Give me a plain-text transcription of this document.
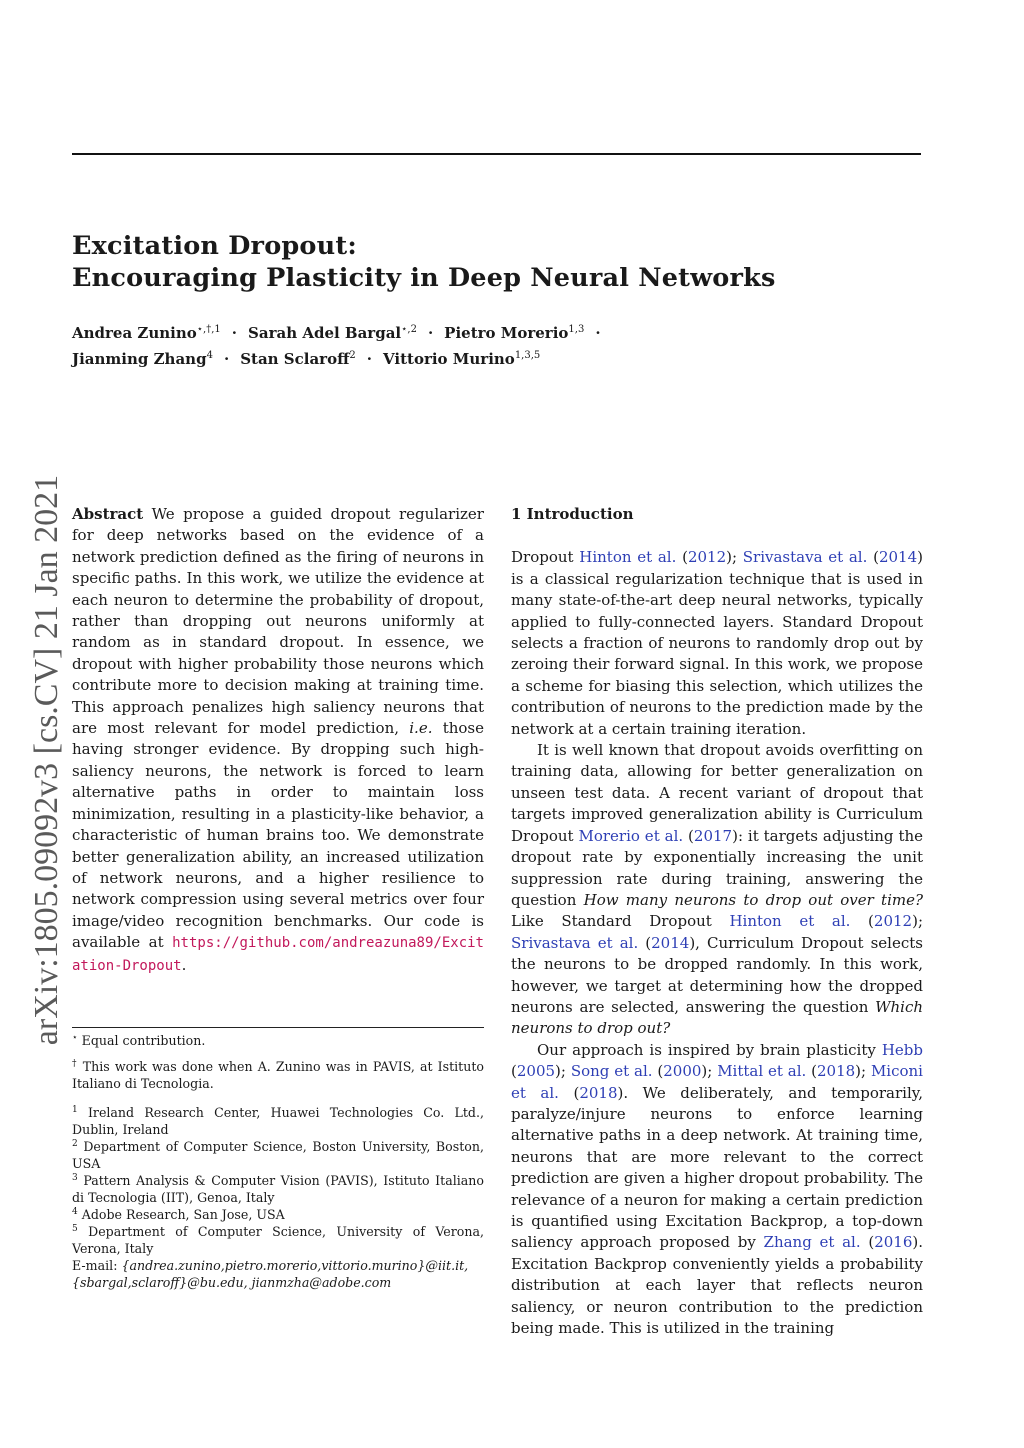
arXiv:1805.09092v3 [cs.CV] 21 Jan 2021
Excitation Dropout:
Encouraging Plasticity in Deep Neural Networks
Andrea Zunino$^{⋆,\dagger,1}$ · Sarah Adel Bargal$^{⋆,2}$ · Pietro Morerio$^{1,3}$ ·
Jianming Zhang$^4$ · Stan Sclaroff$^2$ · Vittorio Murino$^{1,3,5}$

Abstract We propose a guided dropout regularizer for deep networks based on the evidence of a network prediction defined as the firing of neurons in specific paths. In this work, we utilize the evidence at each neuron to determine the probability of dropout, rather than dropping out neurons uniformly at random as in standard dropout. In essence, we dropout with higher probability those neurons which contribute more to decision making at training time. This approach penalizes high saliency neurons that are most relevant for model prediction, i.e. those having stronger evidence. By dropping such high-saliency neurons, the network is forced to learn alternative paths in order to maintain loss minimization, resulting in a plasticity-like behavior, a characteristic of human brains too. We demonstrate better generalization ability, an increased utilization of network neurons, and a higher resilience to network compression using several metrics over four image/video recognition benchmarks. Our code is available at https://github.com/andreazuna89/Excitation-Dropout.

⋆ Equal contribution.
† This work was done when A. Zunino was in PAVIS, at Istituto Italiano di Tecnologia.
$^1$ Ireland Research Center, Huawei Technologies Co. Ltd., Dublin, Ireland
$^2$ Department of Computer Science, Boston University, Boston, USA
$^3$ Pattern Analysis & Computer Vision (PAVIS), Istituto Italiano di Tecnologia (IIT), Genoa, Italy
$^4$ Adobe Research, San Jose, USA
$^5$ Department of Computer Science, University of Verona, Verona, Italy
E-mail: {andrea.zunino,pietro.morerio,vittorio.murino}@iit.it,
{sbargal,sclaroff}@bu.edu, jianmzha@adobe.com

1 Introduction

Dropout Hinton et al. (2012); Srivastava et al. (2014) is a classical regularization technique that is used in many state-of-the-art deep neural networks, typically applied to fully-connected layers. Standard Dropout selects a fraction of neurons to randomly drop out by zeroing their forward signal. In this work, we propose a scheme for biasing this selection, which utilizes the contribution of neurons to the prediction made by the network at a certain training iteration.

It is well known that dropout avoids overfitting on training data, allowing for better generalization on unseen test data. A recent variant of dropout that targets improved generalization ability is Curriculum Dropout Morerio et al. (2017): it targets adjusting the dropout rate by exponentially increasing the unit suppression rate during training, answering the question How many neurons to drop out over time? Like Standard Dropout Hinton et al. (2012); Srivastava et al. (2014), Curriculum Dropout selects the neurons to be dropped randomly. In this work, however, we target at determining how the dropped neurons are selected, answering the question Which neurons to drop out?

Our approach is inspired by brain plasticity Hebb (2005); Song et al. (2000); Mittal et al. (2018); Miconi et al. (2018). We deliberately, and temporarily, paralyze/injure neurons to enforce learning alternative paths in a deep network. At training time, neurons that are more relevant to the correct prediction are given a higher dropout probability. The relevance of a neuron for making a certain prediction is quantified using Excitation Backprop, a top-down saliency approach proposed by Zhang et al. (2016). Excitation Backprop conveniently yields a probability distribution at each layer that reflects neuron saliency, or neuron contribution to the prediction being made. This is utilized in the training
